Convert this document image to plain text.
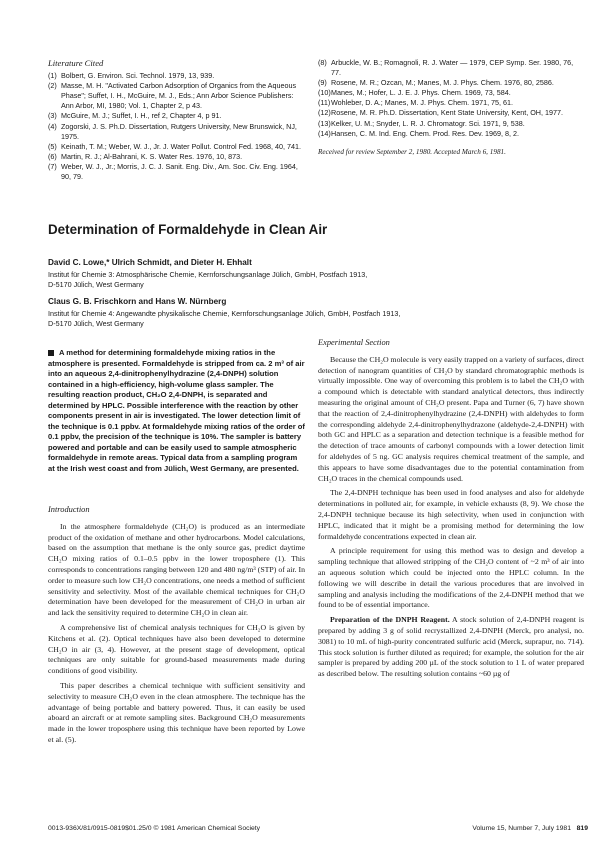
Literature Cited
(1) Bolbert, G. Environ. Sci. Technol. 1979, 13, 939.
(2) Masse, M. H. "Activated Carbon Adsorption of Organics from the Aqueous Phase"; Suffet, I. H., McGuire, M. J., Eds.; Ann Arbor Science Publishers: Ann Arbor, MI, 1980; Vol. 1, Chapter 2, p 43.
(3) McGuire, M. J.; Suffet, I. H., ref 2, Chapter 4, p 91.
(4) Zogorski, J. S. Ph.D. Dissertation, Rutgers University, New Brunswick, NJ, 1975.
(5) Keinath, T. M.; Weber, W. J., Jr. J. Water Pollut. Control Fed. 1968, 40, 741.
(6) Martin, R. J.; Al-Bahrani, K. S. Water Res. 1976, 10, 873.
(7) Weber, W. J., Jr.; Morris, J. C. J. Sanit. Eng. Div., Am. Soc. Civ. Eng. 1964, 90, 79.
(8) Arbuckle, W. B.; Romagnoli, R. J. Water — 1979, CEP Symp. Ser. 1980, 76, 77.
(9) Rosene, M. R.; Ozcan, M.; Manes, M. J. Phys. Chem. 1976, 80, 2586.
(10) Manes, M.; Hofer, L. J. E. J. Phys. Chem. 1969, 73, 584.
(11) Wohleber, D. A.; Manes, M. J. Phys. Chem. 1971, 75, 61.
(12) Rosene, M. R. Ph.D. Dissertation, Kent State University, Kent, OH, 1977.
(13) Kelker, U. M.; Snyder, L. R. J. Chromatogr. Sci. 1971, 9, 538.
(14) Hansen, C. M. Ind. Eng. Chem. Prod. Res. Dev. 1969, 8, 2.
Received for review September 2, 1980. Accepted March 6, 1981.
Determination of Formaldehyde in Clean Air
David C. Lowe,* Ulrich Schmidt, and Dieter H. Ehhalt
Institut für Chemie 3: Atmosphärische Chemie, Kernforschungsanlage Jülich, GmbH, Postfach 1913,
D-5170 Jülich, West Germany
Claus G. B. Frischkorn and Hans W. Nürnberg
Institut für Chemie 4: Angewandte physikalische Chemie, Kernforschungsanlage Jülich, GmbH, Postfach 1913,
D-5170 Jülich, West Germany
A method for determining formaldehyde mixing ratios in the atmosphere is presented. Formaldehyde is stripped from ca. 2 m³ of air into an aqueous 2,4-dinitrophenylhydrazine (2,4-DNPH) solution contained in a high-efficiency, high-volume glass sampler. The resulting reaction product, CH₂O 2,4-DNPH, is separated and determined by HPLC. Possible interference with the reaction by other components present in air is investigated. The lower detection limit of the technique is 0.1 ppbv. At formaldehyde mixing ratios of the order of 0.1 ppbv, the precision of the technique is 10%. The sampler is battery powered and portable and can be easily used to sample atmospheric formaldehyde in remote areas. Typical data from a sampling program at the Irish west coast and from Jülich, West Germany, are presented.
Introduction

In the atmosphere formaldehyde (CH₂O) is produced as an intermediate product of the oxidation of methane and other hydrocarbons. Model calculations, based on the assumption that methane is the only source gas, predict daytime CH₂O mixing ratios of 0.1–0.5 ppbv in the lower troposphere (1). This corresponds to concentrations ranging between 120 and 480 ng/m³ (STP) of air. In order to measure such low CH₂O concentrations, one needs a method of sufficient sensitivity and selectivity. Most of the available chemical techniques for CH₂O determination have been developed for the measurement of CH₂O in urban air and lack the sensitivity required to determine CH₂O in clean air.

A comprehensive list of chemical analysis techniques for CH₂O is given by Kitchens et al. (2). Optical techniques have also been developed to determine CH₂O in air (3, 4). However, at the present stage of development, optical techniques are only suitable for ground-based measurements made during conditions of good visibility.

This paper describes a chemical technique with sufficient sensitivity and selectivity to measure CH₂O even in the clean atmosphere. The technique has the advantage of being portable and battery powered. Thus, it can easily be used aboard an aircraft or at remote sampling sites. Background CH₂O measurements made in the lower troposphere using this technique have been reported by Lowe et al. (5).

Experimental Section

Because the CH₂O molecule is very easily trapped on a variety of surfaces, direct detection of nanogram quantities of CH₂O by standard chromatographic methods is virtually impossible. One way of overcoming this problem is to label the CH₂O with a compound which is detectable with standard analytical detectors, thus indirectly measuring the original amount of CH₂O present. Papa and Turner (6, 7) have shown that the reaction of 2,4-dinitrophenylhydrazine (2,4-DNPH) with aldehydes to form the corresponding aldehyde 2,4-dinitrophenylhydrazone (aldehyde-2,4-DNPH) with both GC and HPLC as a separation and detection technique is a feasible method for the detection of trace amounts of carbonyl compounds with a lower detection limit for aldehydes of 5 ng. GC analysis requires chemical treatment of the sample, and this appears to have some disadvantages due to the potential contamination from CH₂O traces in the chemical compounds used.

The 2,4-DNPH technique has been used in food analyses and also for aldehyde determinations in polluted air, for example, in vehicle exhausts (8, 9). We chose the 2,4-DNPH technique because its high selectivity, when used in conjunction with HPLC, indicated that it might be a promising method for determining the low formaldehyde concentrations expected in clean air.

A principle requirement for using this method was to design and develop a sampling technique that allowed stripping of the CH₂O content of ~2 m³ of air into an aqueous solution which could be injected onto the HPLC column. In the following we will describe in detail the various procedures that are involved in sampling and analysis including the modifications of the 2,4-DNPH method that we found to be of essential importance.

Preparation of the DNPH Reagent. A stock solution of 2,4-DNPH reagent is prepared by adding 3 g of solid recrystallized 2,4-DNPH (Merck, pro analysi, no. 3081) to 10 mL of high-purity concentrated sulfuric acid (Merck, suprapur, no. 714). This stock solution is further diluted as required; for example, the solution for the air sampler is prepared by adding 200 µL of the stock solution to 1 L of water prepared as described below. The resulting solution contains ~60 µg of

0013-936X/81/0915-0819$01.25/0 © 1981 American Chemical Society	Volume 15, Number 7, July 1981 819
